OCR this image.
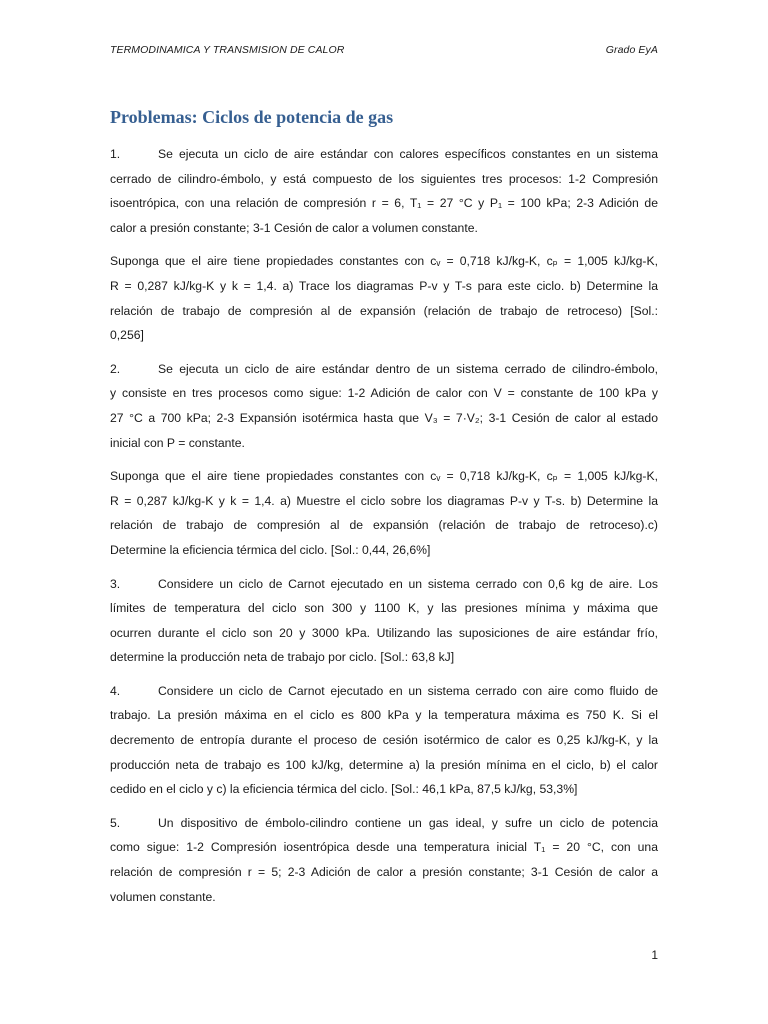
TERMODINAMICA Y TRANSMISION DE CALOR	Grado EyA
Problemas: Ciclos de potencia de gas
1.	Se ejecuta un ciclo de aire estándar con calores específicos constantes en un sistema
cerrado de cilindro-émbolo, y está compuesto de los siguientes tres procesos: 1-2 Compresión
isoentrópica, con una relación de compresión r = 6, T₁ = 27 °C y P₁ = 100 kPa; 2-3 Adición de
calor a presión constante; 3-1 Cesión de calor a volumen constante.
Suponga que el aire tiene propiedades constantes con cᵥ = 0,718 kJ/kg-K, cₚ = 1,005 kJ/kg-K,
R = 0,287 kJ/kg-K y k = 1,4. a) Trace los diagramas P-v y T-s para este ciclo. b) Determine la
relación de trabajo de compresión al de expansión (relación de trabajo de retroceso) [Sol.:
0,256]
2.	Se ejecuta un ciclo de aire estándar dentro de un sistema cerrado de cilindro-émbolo,
y consiste en tres procesos como sigue: 1-2 Adición de calor con V = constante de 100 kPa y
27 °C a 700 kPa; 2-3 Expansión isotérmica hasta que V₃ = 7·V₂; 3-1 Cesión de calor al estado
inicial con P = constante.
Suponga que el aire tiene propiedades constantes con cᵥ = 0,718 kJ/kg-K, cₚ = 1,005 kJ/kg-K,
R = 0,287 kJ/kg-K y k = 1,4. a) Muestre el ciclo sobre los diagramas P-v y T-s. b) Determine la
relación de trabajo de compresión al de expansión (relación de trabajo de retroceso).c)
Determine la eficiencia térmica del ciclo. [Sol.: 0,44, 26,6%]
3.	Considere un ciclo de Carnot ejecutado en un sistema cerrado con 0,6 kg de aire. Los
límites de temperatura del ciclo son 300 y 1100 K, y las presiones mínima y máxima que
ocurren durante el ciclo son 20 y 3000 kPa. Utilizando las suposiciones de aire estándar frío,
determine la producción neta de trabajo por ciclo. [Sol.: 63,8 kJ]
4.	Considere un ciclo de Carnot ejecutado en un sistema cerrado con aire como fluido de
trabajo. La presión máxima en el ciclo es 800 kPa y la temperatura máxima es 750 K. Si el
decremento de entropía durante el proceso de cesión isotérmico de calor es 0,25 kJ/kg-K, y la
producción neta de trabajo es 100 kJ/kg, determine a) la presión mínima en el ciclo, b) el calor
cedido en el ciclo y c) la eficiencia térmica del ciclo. [Sol.: 46,1 kPa, 87,5 kJ/kg, 53,3%]
5.	Un dispositivo de émbolo-cilindro contiene un gas ideal, y sufre un ciclo de potencia
como sigue: 1-2 Compresión iosentrópica desde una temperatura inicial T₁ = 20 °C, con una
relación de compresión r = 5; 2-3 Adición de calor a presión constante; 3-1 Cesión de calor a
volumen constante.
1
